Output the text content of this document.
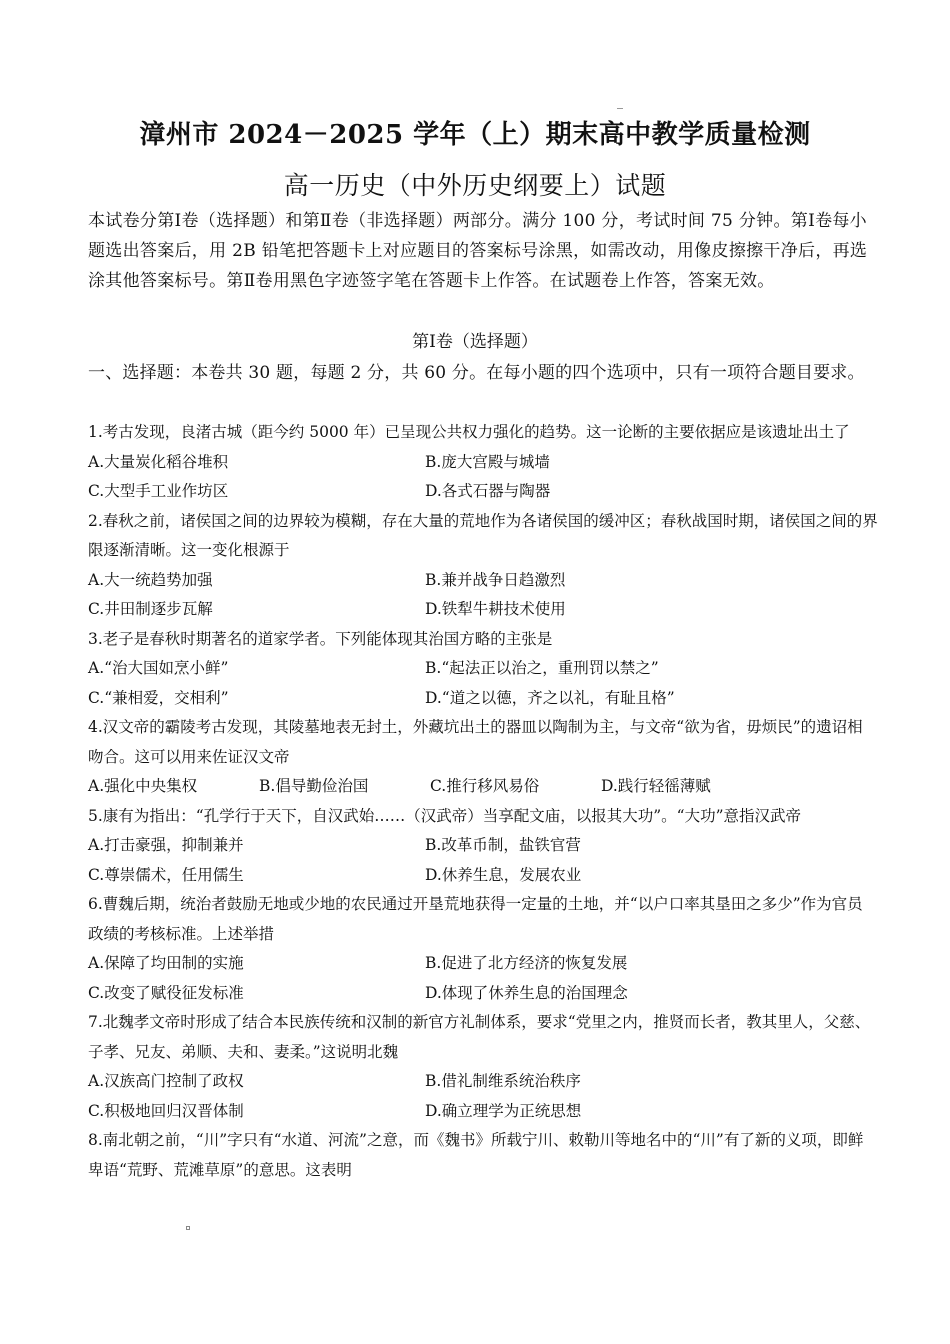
漳州市 2024－2025 学年（上）期末高中教学质量检测
高一历史（中外历史纲要上）试题
本试卷分第Ⅰ卷（选择题）和第Ⅱ卷（非选择题）两部分。满分 100 分，考试时间 75 分钟。第Ⅰ卷每小题选出答案后，用 2B 铅笔把答题卡上对应题目的答案标号涂黑，如需改动，用像皮擦擦干净后，再选涂其他答案标号。第Ⅱ卷用黑色字迹签字笔在答题卡上作答。在试题卷上作答，答案无效。
第Ⅰ卷（选择题）
一、选择题：本卷共 30 题，每题 2 分，共 60 分。在每小题的四个选项中，只有一项符合题目要求。
1.考古发现，良渚古城（距今约 5000 年）已呈现公共权力强化的趋势。这一论断的主要依据应是该遗址出土了
A.大量炭化稻谷堆积	B.庞大宫殿与城墙
C.大型手工业作坊区	D.各式石器与陶器
2.春秋之前，诸侯国之间的边界较为模糊，存在大量的荒地作为各诸侯国的缓冲区；春秋战国时期，诸侯国之间的界限逐渐清晰。这一变化根源于
A.大一统趋势加强	B.兼并战争日趋激烈
C.井田制逐步瓦解	D.铁犁牛耕技术使用
3.老子是春秋时期著名的道家学者。下列能体现其治国方略的主张是
A.“治大国如烹小鲜”	B.“起法正以治之，重刑罚以禁之”
C.“兼相爱，交相利”	D.“道之以德，齐之以礼，有耻且格”
4.汉文帝的霸陵考古发现，其陵墓地表无封土，外藏坑出土的器皿以陶制为主，与文帝“欲为省，毋烦民”的遗诏相吻合。这可以用来佐证汉文帝
A.强化中央集权	B.倡导勤俭治国	C.推行移风易俗	D.践行轻徭薄赋
5.康有为指出：“孔学行于天下，自汉武始……（汉武帝）当享配文庙，以报其大功”。“大功”意指汉武帝
A.打击豪强，抑制兼并	B.改革币制，盐铁官营
C.尊崇儒术，任用儒生	D.休养生息，发展农业
6.曹魏后期，统治者鼓励无地或少地的农民通过开垦荒地获得一定量的土地，并“以户口率其垦田之多少”作为官员政绩的考核标准。上述举措
A.保障了均田制的实施	B.促进了北方经济的恢复发展
C.改变了赋役征发标准	D.体现了休养生息的治国理念
7.北魏孝文帝时形成了结合本民族传统和汉制的新官方礼制体系，要求“党里之内，推贤而长者，教其里人，父慈、子孝、兄友、弟顺、夫和、妻柔。”这说明北魏
A.汉族高门控制了政权	B.借礼制维系统治秩序
C.积极地回归汉晋体制	D.确立理学为正统思想
8.南北朝之前，“川”字只有“水道、河流”之意，而《魏书》所载宁川、敕勒川等地名中的“川”有了新的义项，即鲜卑语“荒野、荒滩草原”的意思。这表明
